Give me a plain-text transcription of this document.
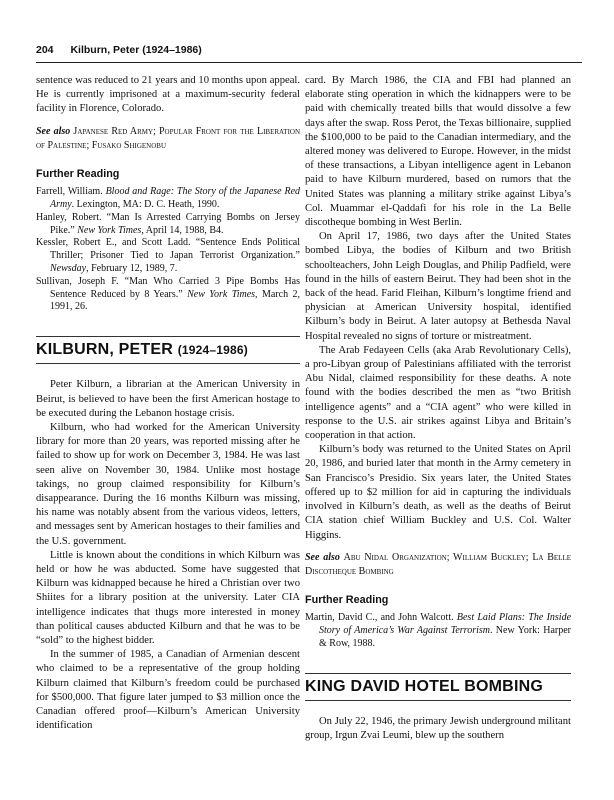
204 Kilburn, Peter (1924–1986)

sentence was reduced to 21 years and 10 months upon appeal. He is currently imprisoned at a maximum-security federal facility in Florence, Colorado.

See also Japanese Red Army; Popular Front for the Liberation of Palestine; Fusako Shigenobu

Further Reading

Farrell, William. Blood and Rage: The Story of the Japanese Red Army. Lexington, MA: D. C. Heath, 1990.

Hanley, Robert. “Man Is Arrested Carrying Bombs on Jersey Pike.” New York Times, April 14, 1988, B4.

Kessler, Robert E., and Scott Ladd. “Sentence Ends Political Thriller; Prisoner Tied to Japan Terrorist Organization.” Newsday, February 12, 1989, 7.

Sullivan, Joseph F. “Man Who Carried 3 Pipe Bombs Has Sentence Reduced by 8 Years.” New York Times, March 2, 1991, 26.

KILBURN, PETER (1924–1986)

Peter Kilburn, a librarian at the American University in Beirut, is believed to have been the first American hostage to be executed during the Lebanon hostage crisis.

Kilburn, who had worked for the American University library for more than 20 years, was reported missing after he failed to show up for work on December 3, 1984. He was last seen alive on November 30, 1984. Unlike most hostage takings, no group claimed responsibility for Kilburn’s disappearance. During the 16 months Kilburn was missing, his name was notably absent from the various videos, letters, and messages sent by American hostages to their families and the U.S. government.

Little is known about the conditions in which Kilburn was held or how he was abducted. Some have suggested that Kilburn was kidnapped because he hired a Christian over two Shiites for a library position at the university. Later CIA intelligence indicates that thugs more interested in money than political causes abducted Kilburn and that he was to be “sold” to the highest bidder.

In the summer of 1985, a Canadian of Armenian descent who claimed to be a representative of the group holding Kilburn claimed that Kilburn’s freedom could be purchased for $500,000. That figure later jumped to $3 million once the Canadian offered proof—Kilburn’s American University identification

card. By March 1986, the CIA and FBI had planned an elaborate sting operation in which the kidnappers were to be paid with chemically treated bills that would dissolve a few days after the swap. Ross Perot, the Texas billionaire, supplied the $100,000 to be paid to the Canadian intermediary, and the altered money was delivered to Europe. However, in the midst of these transactions, a Libyan intelligence agent in Lebanon paid to have Kilburn murdered, based on rumors that the United States was planning a military strike against Libya’s Col. Muammar el-Qaddafi for his role in the La Belle discotheque bombing in West Berlin.

On April 17, 1986, two days after the United States bombed Libya, the bodies of Kilburn and two British schoolteachers, John Leigh Douglas, and Philip Padfield, were found in the hills of eastern Beirut. They had been shot in the back of the head. Farid Fleihan, Kilburn’s longtime friend and physician at American University hospital, identified Kilburn’s body in Beirut. A later autopsy at Bethesda Naval Hospital revealed no signs of torture or mistreatment.

The Arab Fedayeen Cells (aka Arab Revolutionary Cells), a pro-Libyan group of Palestinians affiliated with the terrorist Abu Nidal, claimed responsibility for these deaths. A note found with the bodies described the men as “two British intelligence agents” and a “CIA agent” who were killed in response to the U.S. air strikes against Libya and Britain’s cooperation in that action.

Kilburn’s body was returned to the United States on April 20, 1986, and buried later that month in the Army cemetery in San Francisco’s Presidio. Six years later, the United States offered up to $2 million for aid in capturing the individuals involved in Kilburn’s death, as well as the deaths of Beirut CIA station chief William Buckley and U.S. Col. Walter Higgins.

See also Abu Nidal Organization; William Buckley; La Belle Discotheque Bombing

Further Reading

Martin, David C., and John Walcott. Best Laid Plans: The Inside Story of America’s War Against Terrorism. New York: Harper & Row, 1988.

KING DAVID HOTEL BOMBING

On July 22, 1946, the primary Jewish underground militant group, Irgun Zvai Leumi, blew up the southern
